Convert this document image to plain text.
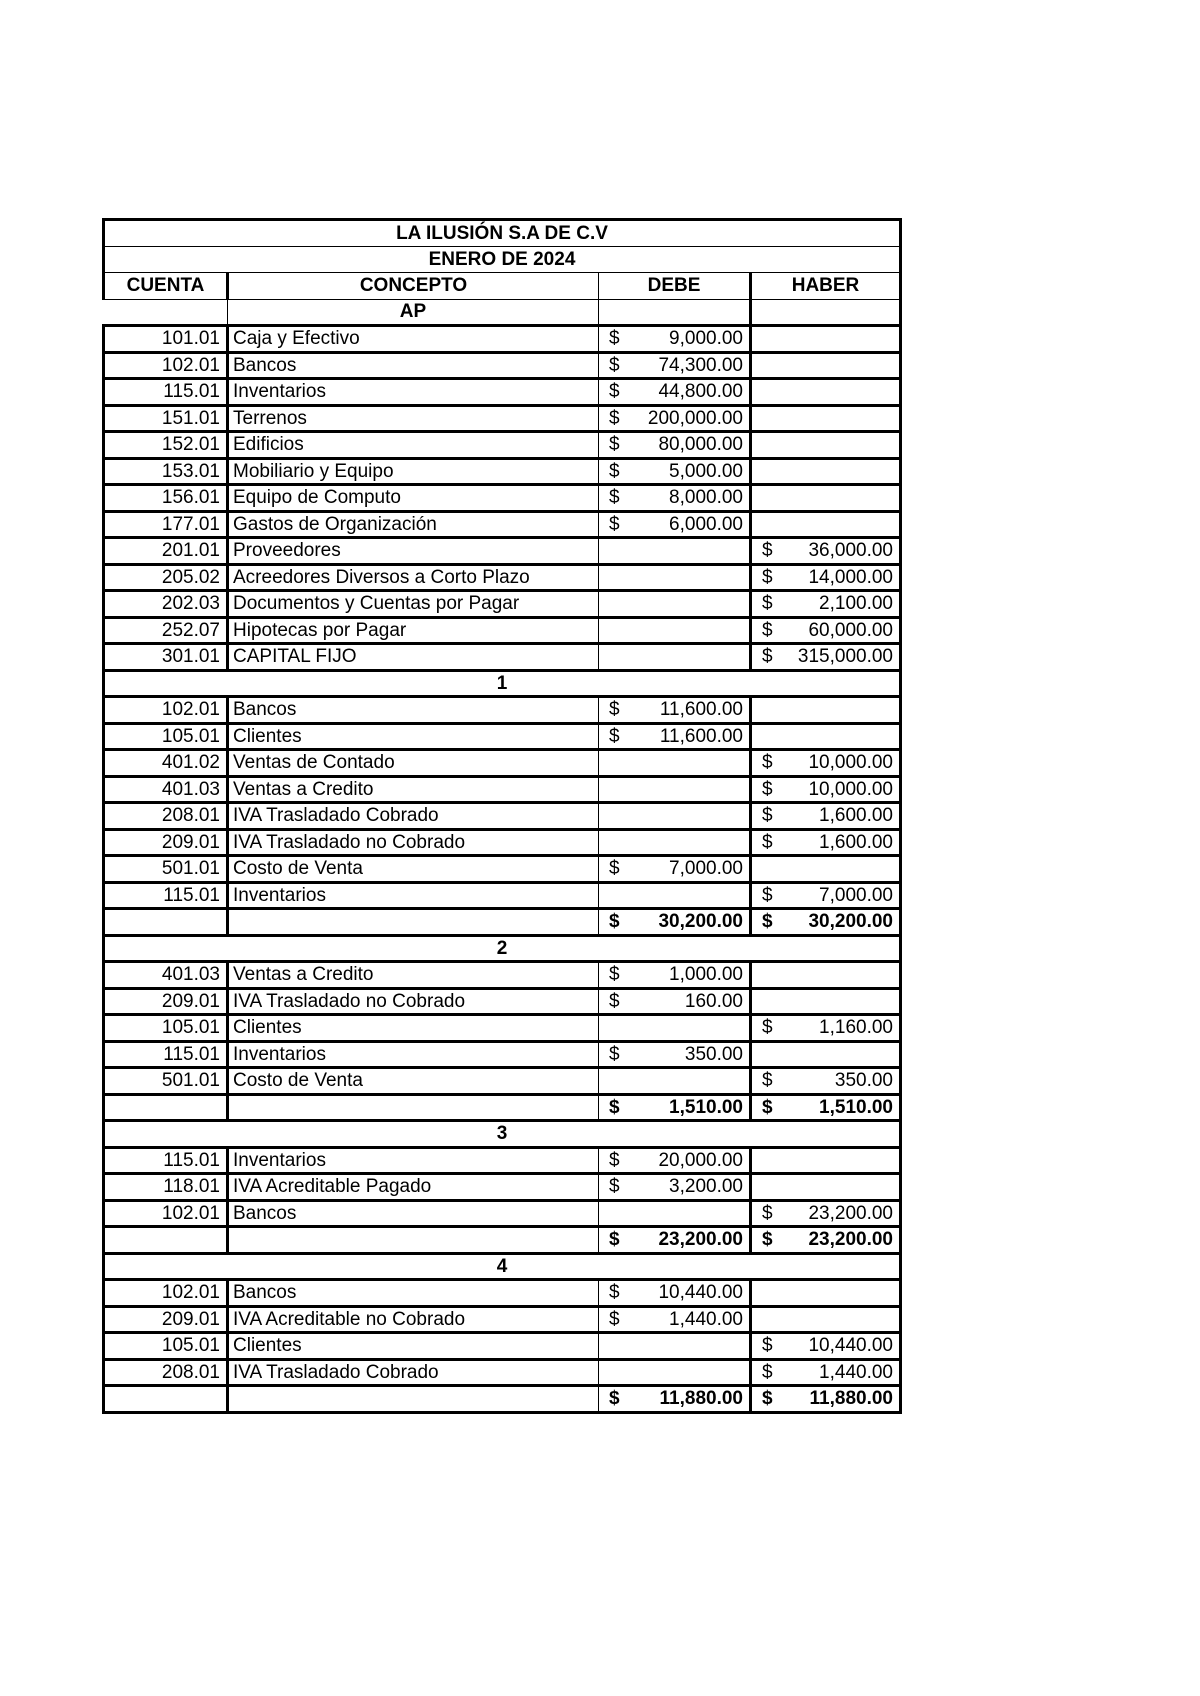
LA ILUSIÓN S.A DE C.V			
ENERO DE 2024			
CUENTA	CONCEPTO	DEBE	HABER
	AP		
101.01	Caja y Efectivo	$ 9,000.00	

102.01	Bancos	$ 74,300.00	

115.01	Inventarios	$ 44,800.00	

151.01	Terrenos	$ 200,000.00	

152.01	Edificios	$ 80,000.00	

153.01	Mobiliario y Equipo	$ 5,000.00	

156.01	Equipo de Computo	$ 8,000.00	

177.01	Gastos de Organización	$ 6,000.00	

201.01	Proveedores		$ 36,000.00

205.02	Acreedores Diversos a Corto Plazo		$ 14,000.00

202.03	Documentos y Cuentas por Pagar		$ 2,100.00

252.07	Hipotecas por Pagar		$ 60,000.00

301.01	CAPITAL FIJO		$ 315,000.00

1			
102.01	Bancos	$ 11,600.00	

105.01	Clientes	$ 11,600.00	

401.02	Ventas de Contado		$ 10,000.00

401.03	Ventas a Credito		$ 10,000.00

208.01	IVA Trasladado Cobrado		$ 1,600.00

209.01	IVA Trasladado no Cobrado		$ 1,600.00

501.01	Costo de Venta	$ 7,000.00	

115.01	Inventarios		$ 7,000.00

		$ 30,200.00	$ 30,200.00

2			
401.03	Ventas a Credito	$ 1,000.00	

209.01	IVA Trasladado no Cobrado	$ 160.00	

105.01	Clientes		$ 1,160.00

115.01	Inventarios	$ 350.00	

501.01	Costo de Venta		$ 350.00

		$ 1,510.00	$ 1,510.00

3			
115.01	Inventarios	$ 20,000.00	

118.01	IVA Acreditable Pagado	$ 3,200.00	

102.01	Bancos		$ 23,200.00

		$ 23,200.00	$ 23,200.00

4			
102.01	Bancos	$ 10,440.00	

209.01	IVA Acreditable no Cobrado	$ 1,440.00	

105.01	Clientes		$ 10,440.00

208.01	IVA Trasladado Cobrado		$ 1,440.00

		$ 11,880.00	$ 11,880.00
